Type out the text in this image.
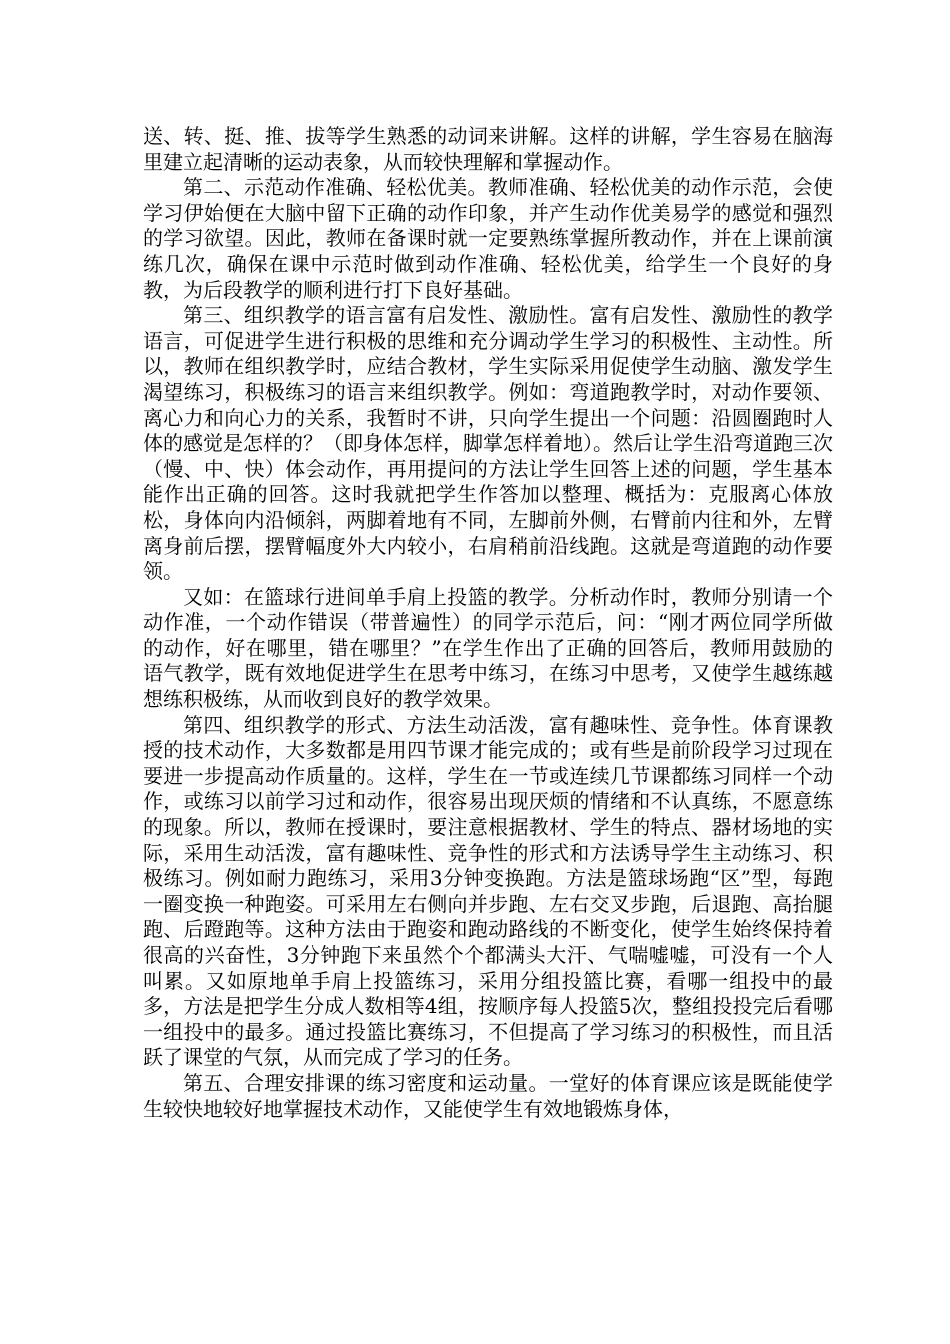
送、转、挺、推、拔等学生熟悉的动词来讲解。这样的讲解，学生容易在脑海里建立起清晰的运动表象，从而较快理解和掌握动作。

第二、示范动作准确、轻松优美。教师准确、轻松优美的动作示范，会使学习伊始便在大脑中留下正确的动作印象，并产生动作优美易学的感觉和强烈的学习欲望。因此，教师在备课时就一定要熟练掌握所教动作，并在上课前演练几次，确保在课中示范时做到动作准确、轻松优美，给学生一个良好的身教，为后段教学的顺利进行打下良好基础。

第三、组织教学的语言富有启发性、激励性。富有启发性、激励性的教学语言，可促进学生进行积极的思维和充分调动学生学习的积极性、主动性。所以，教师在组织教学时，应结合教材，学生实际采用促使学生动脑、激发学生渴望练习，积极练习的语言来组织教学。例如：弯道跑教学时，对动作要领、离心力和向心力的关系，我暂时不讲，只向学生提出一个问题：沿圆圈跑时人体的感觉是怎样的？（即身体怎样，脚掌怎样着地）。然后让学生沿弯道跑三次（慢、中、快）体会动作，再用提问的方法让学生回答上述的问题，学生基本能作出正确的回答。这时我就把学生作答加以整理、概括为：克服离心体放松，身体向内沿倾斜，两脚着地有不同，左脚前外侧，右臂前内往和外，左臂离身前后摆，摆臂幅度外大内较小，右肩稍前沿线跑。这就是弯道跑的动作要领。

又如：在篮球行进间单手肩上投篮的教学。分析动作时，教师分别请一个动作准，一个动作错误（带普遍性）的同学示范后，问：“刚才两位同学所做的动作，好在哪里，错在哪里？”在学生作出了正确的回答后，教师用鼓励的语气教学，既有效地促进学生在思考中练习，在练习中思考，又使学生越练越想练积极练，从而收到良好的教学效果。

第四、组织教学的形式、方法生动活泼，富有趣味性、竞争性。体育课教授的技术动作，大多数都是用四节课才能完成的；或有些是前阶段学习过现在要进一步提高动作质量的。这样，学生在一节或连续几节课都练习同样一个动作，或练习以前学习过和动作，很容易出现厌烦的情绪和不认真练，不愿意练的现象。所以，教师在授课时，要注意根据教材、学生的特点、器材场地的实际，采用生动活泼，富有趣味性、竞争性的形式和方法诱导学生主动练习、积极练习。例如耐力跑练习，采用3分钟变换跑。方法是篮球场跑“区”型，每跑一圈变换一种跑姿。可采用左右侧向并步跑、左右交叉步跑，后退跑、高抬腿跑、后蹬跑等。这种方法由于跑姿和跑动路线的不断变化，使学生始终保持着很高的兴奋性，3分钟跑下来虽然个个都满头大汗、气喘嘘嘘，可没有一个人叫累。又如原地单手肩上投篮练习，采用分组投篮比赛，看哪一组投中的最多，方法是把学生分成人数相等4组，按顺序每人投篮5次，整组投投完后看哪一组投中的最多。通过投篮比赛练习，不但提高了学习练习的积极性，而且活跃了课堂的气氛，从而完成了学习的任务。

第五、合理安排课的练习密度和运动量。一堂好的体育课应该是既能使学生较快地较好地掌握技术动作，又能使学生有效地锻炼身体，
